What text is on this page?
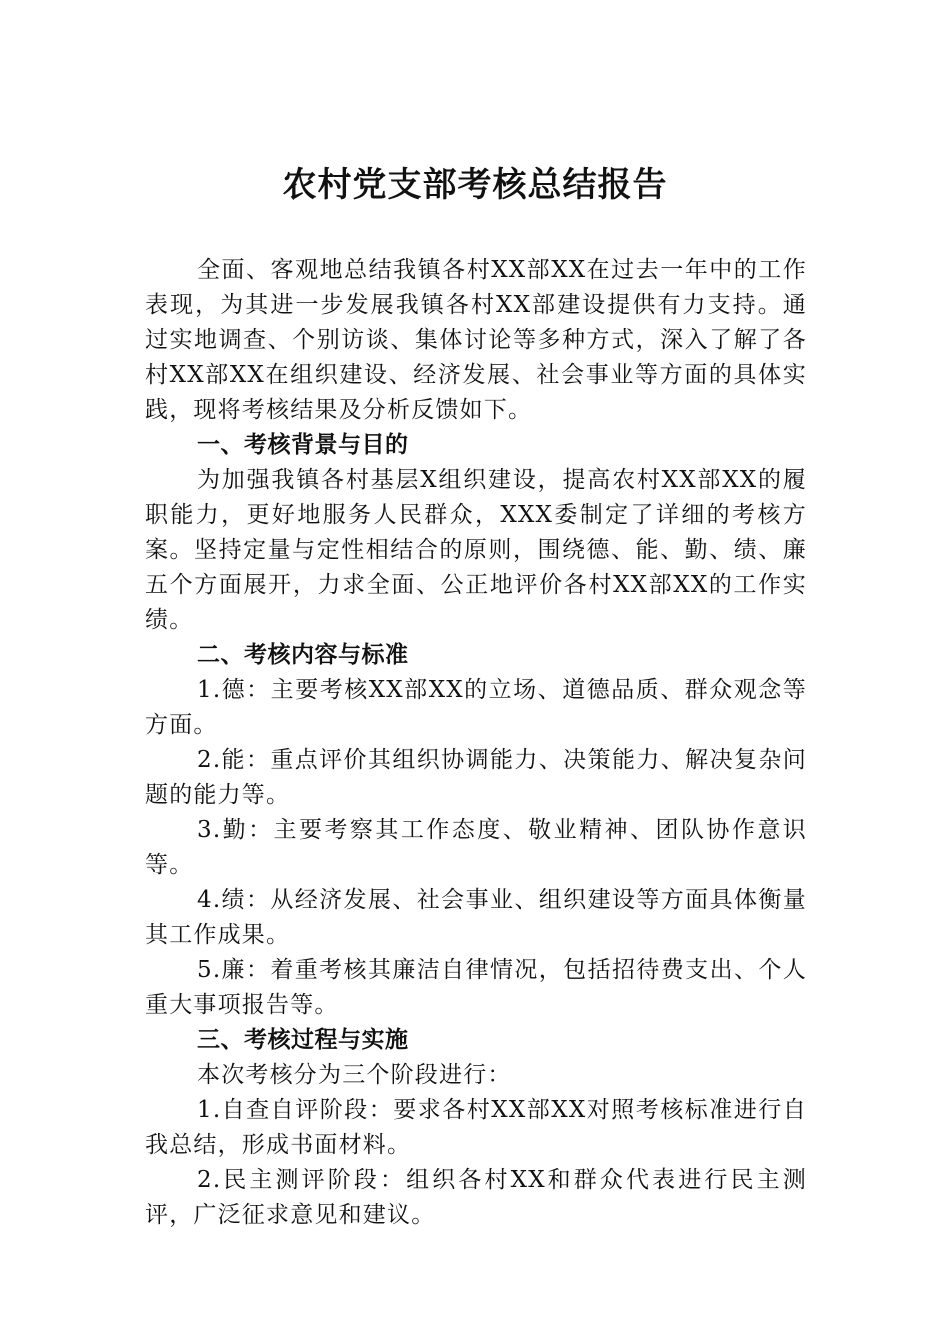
农村党支部考核总结报告

全面、客观地总结我镇各村XX部XX在过去一年中的工作表现，为其进一步发展我镇各村XX部建设提供有力支持。通过实地调查、个别访谈、集体讨论等多种方式，深入了解了各村XX部XX在组织建设、经济发展、社会事业等方面的具体实践，现将考核结果及分析反馈如下。

一、考核背景与目的

为加强我镇各村基层X组织建设，提高农村XX部XX的履职能力，更好地服务人民群众，XXX委制定了详细的考核方案。坚持定量与定性相结合的原则，围绕德、能、勤、绩、廉五个方面展开，力求全面、公正地评价各村XX部XX的工作实绩。

二、考核内容与标准

1.德：主要考核XX部XX的立场、道德品质、群众观念等方面。

2.能：重点评价其组织协调能力、决策能力、解决复杂问题的能力等。

3.勤：主要考察其工作态度、敬业精神、团队协作意识等。

4.绩：从经济发展、社会事业、组织建设等方面具体衡量其工作成果。

5.廉：着重考核其廉洁自律情况，包括招待费支出、个人重大事项报告等。

三、考核过程与实施

本次考核分为三个阶段进行：

1.自查自评阶段：要求各村XX部XX对照考核标准进行自我总结，形成书面材料。

2.民主测评阶段：组织各村XX和群众代表进行民主测评，广泛征求意见和建议。
